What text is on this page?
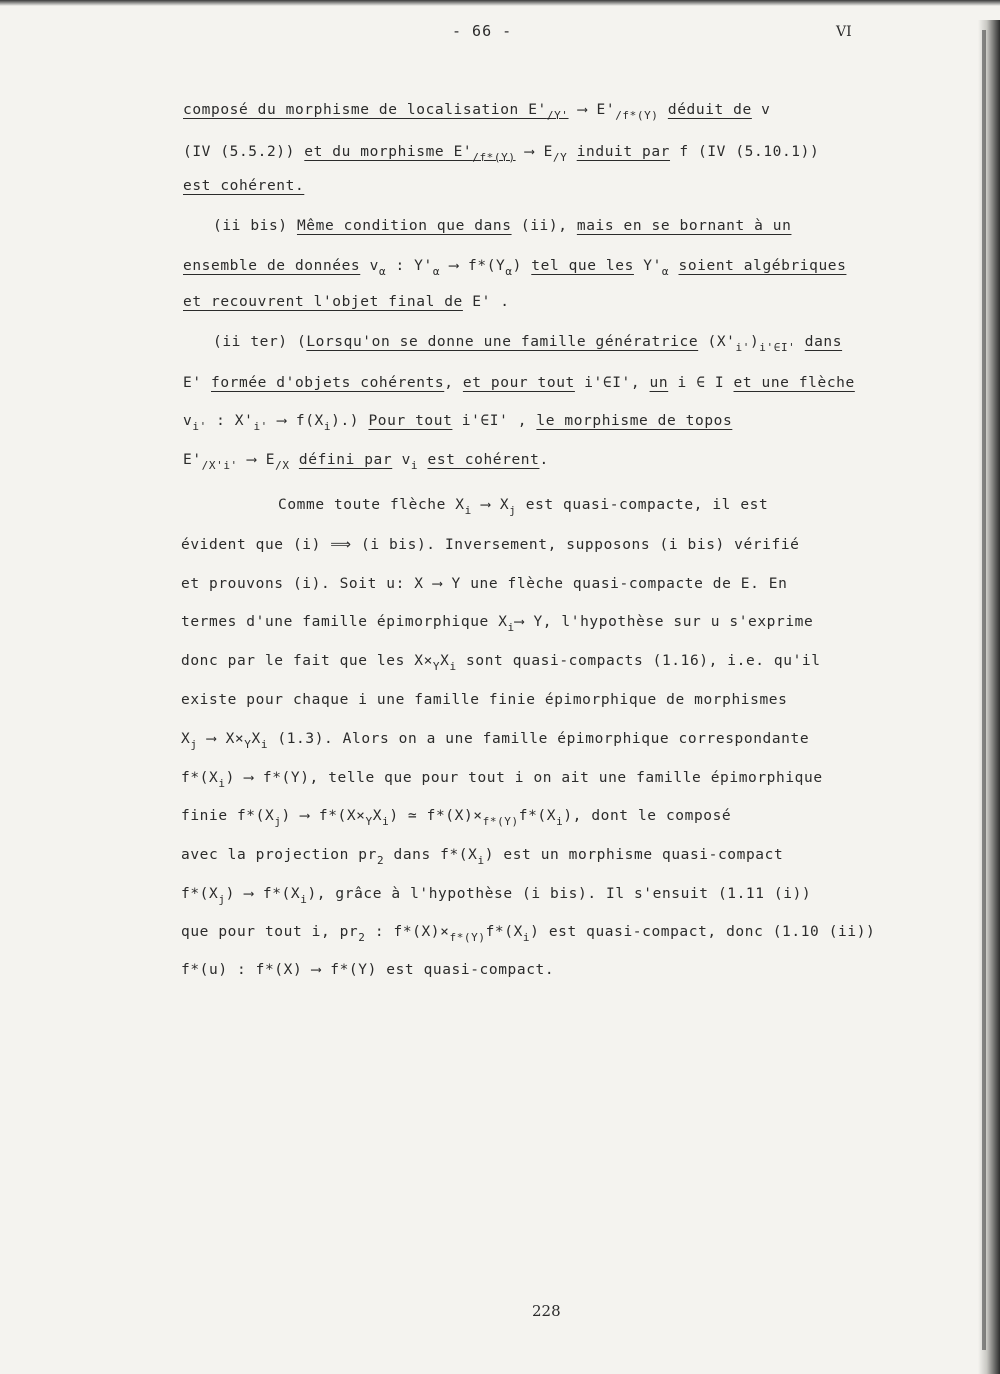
- 66 -	VI
composé du morphisme de localisation $E'_{/Y'}$ ⟶ $E'_{/f*(Y)}$ déduit de v
(IV (5.5.2)) et du morphisme $E'_{/f*(Y)}$ ⟶ $E_{/Y}$ induit par f (IV (5.10.1))
est cohérent.
(ii bis) Même condition que dans (ii), mais en se bornant à un
ensemble de données $v_\alpha$ : $Y'_\alpha$ ⟶ $f*(Y_\alpha)$ tel que les $Y'_\alpha$ soient algébriques
et recouvrent l'objet final de E' .
(ii ter) (Lorsqu'on se donne une famille génératrice $(X'_{i'})_{i'\in I'}$ dans
E' formée d'objets cohérents, et pour tout i'∈I', un i ∈ I et une flèche
$v_{i'}$ : $X'_{i'}$ ⟶ $f(X_i)$.) Pour tout i'∈I' , le morphisme de topos
$E'_{/X'i'}$ ⟶ $E_{/X}$ défini par $v_i$ est cohérent.
Comme toute flèche $X_i$ ⟶ $X_j$ est quasi-compacte, il est
évident que (i) ⟹ (i bis). Inversement, supposons (i bis) vérifié
et prouvons (i). Soit u: X ⟶ Y une flèche quasi-compacte de E. En
termes d'une famille épimorphique $X_i⟶$ Y, l'hypothèse sur u s'exprime
donc par le fait que les $X\times_YX_i$ sont quasi-compacts (1.16), i.e. qu'il
existe pour chaque i une famille finie épimorphique de morphismes
$X_j$ ⟶ $X\times_YX_i$ (1.3). Alors on a une famille épimorphique correspondante
$f*(X_i)$ ⟶ f*(Y), telle que pour tout i on ait une famille épimorphique
finie $f*(X_j)$ ⟶ $f*(X\times_YX_i)$ ≃ $f*(X)\times_{f*(Y)}f*(X_i)$, dont le composé
avec la projection $pr_2$ dans $f*(X_i)$ est un morphisme quasi-compact
$f*(X_j)$ ⟶ $f*(X_i)$, grâce à l'hypothèse (i bis). Il s'ensuit (1.11 (i))
que pour tout i, $pr_2$ : $f*(X)\times_{f*(Y)}f*(X_i)$ est quasi-compact, donc (1.10 (ii))
f*(u) : f*(X) ⟶ f*(Y) est quasi-compact.
228
